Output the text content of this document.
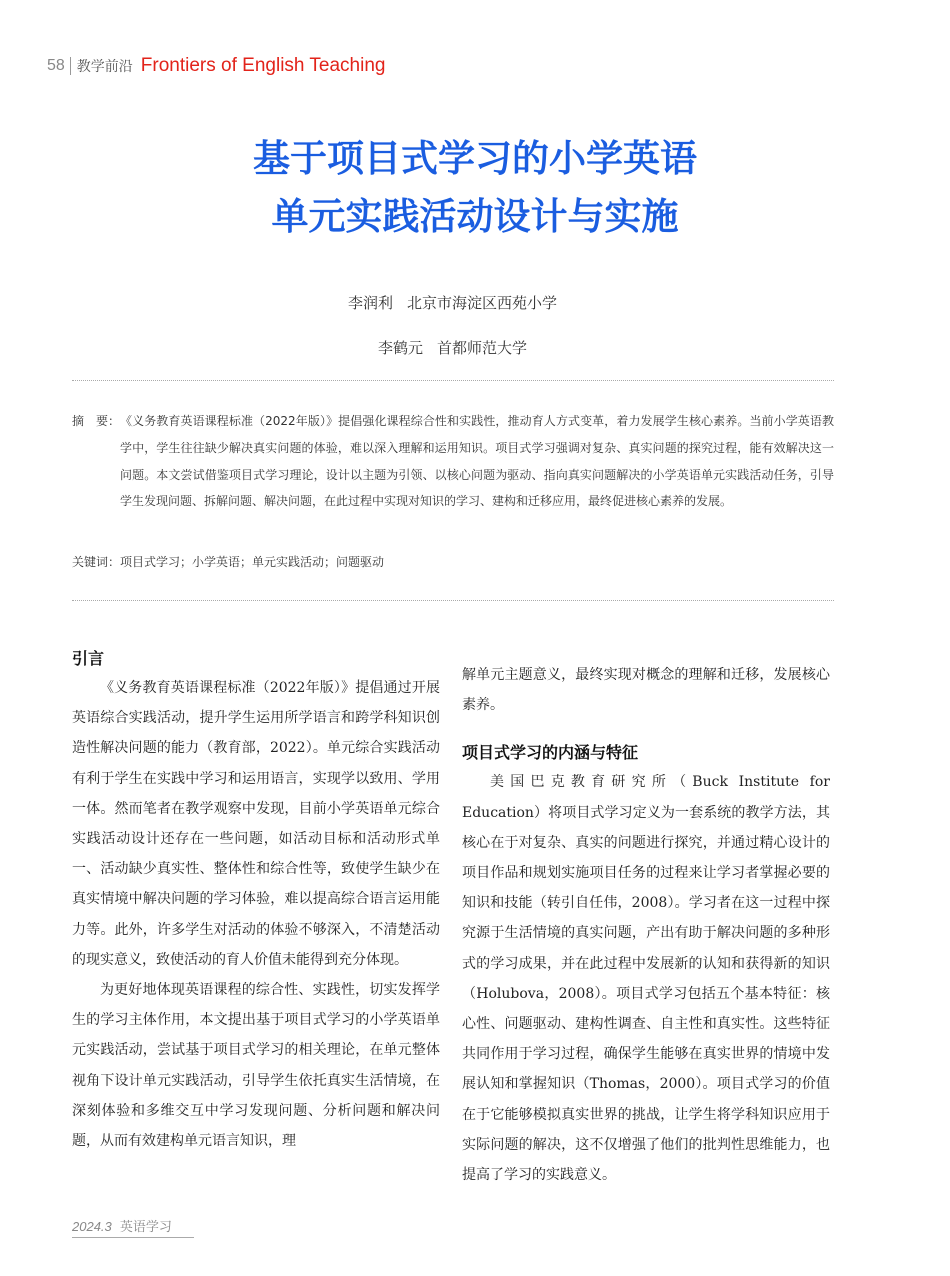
58 教学前沿 Frontiers of English Teaching
基于项目式学习的小学英语
单元实践活动设计与实施
李润利 北京市海淀区西苑小学
李鹤元 首都师范大学
摘　要： 《义务教育英语课程标准（2022年版）》提倡强化课程综合性和实践性，推动育人方式变革，着力发展学生核心素养。当前小学英语教学中，学生往往缺少解决真实问题的体验，难以深入理解和运用知识。项目式学习强调对复杂、真实问题的探究过程，能有效解决这一问题。本文尝试借鉴项目式学习理论，设计以主题为引领、以核心问题为驱动、指向真实问题解决的小学英语单元实践活动任务，引导学生发现问题、拆解问题、解决问题，在此过程中实现对知识的学习、建构和迁移应用，最终促进核心素养的发展。
关键词：项目式学习；小学英语；单元实践活动；问题驱动
引言

《义务教育英语课程标准（2022年版）》提倡通过开展英语综合实践活动，提升学生运用所学语言和跨学科知识创造性解决问题的能力（教育部，2022）。单元综合实践活动有利于学生在实践中学习和运用语言，实现学以致用、学用一体。然而笔者在教学观察中发现，目前小学英语单元综合实践活动设计还存在一些问题，如活动目标和活动形式单一、活动缺少真实性、整体性和综合性等，致使学生缺少在真实情境中解决问题的学习体验，难以提高综合语言运用能力等。此外，许多学生对活动的体验不够深入，不清楚活动的现实意义，致使活动的育人价值未能得到充分体现。

为更好地体现英语课程的综合性、实践性，切实发挥学生的学习主体作用，本文提出基于项目式学习的小学英语单元实践活动，尝试基于项目式学习的相关理论，在单元整体视角下设计单元实践活动，引导学生依托真实生活情境，在深刻体验和多维交互中学习发现问题、分析问题和解决问题，从而有效建构单元语言知识，理

解单元主题意义，最终实现对概念的理解和迁移，发展核心素养。

项目式学习的内涵与特征

美国巴克教育研究所（Buck Institute for Education）将项目式学习定义为一套系统的教学方法，其核心在于对复杂、真实的问题进行探究，并通过精心设计的项目作品和规划实施项目任务的过程来让学习者掌握必要的知识和技能（转引自任伟，2008）。学习者在这一过程中探究源于生活情境的真实问题，产出有助于解决问题的多种形式的学习成果，并在此过程中发展新的认知和获得新的知识（Holubova，2008）。项目式学习包括五个基本特征：核心性、问题驱动、建构性调查、自主性和真实性。这些特征共同作用于学习过程，确保学生能够在真实世界的情境中发展认知和掌握知识（Thomas，2000）。项目式学习的价值在于它能够模拟真实世界的挑战，让学生将学科知识应用于实际问题的解决，这不仅增强了他们的批判性思维能力，也提高了学习的实践意义。

2024.3 英语学习
